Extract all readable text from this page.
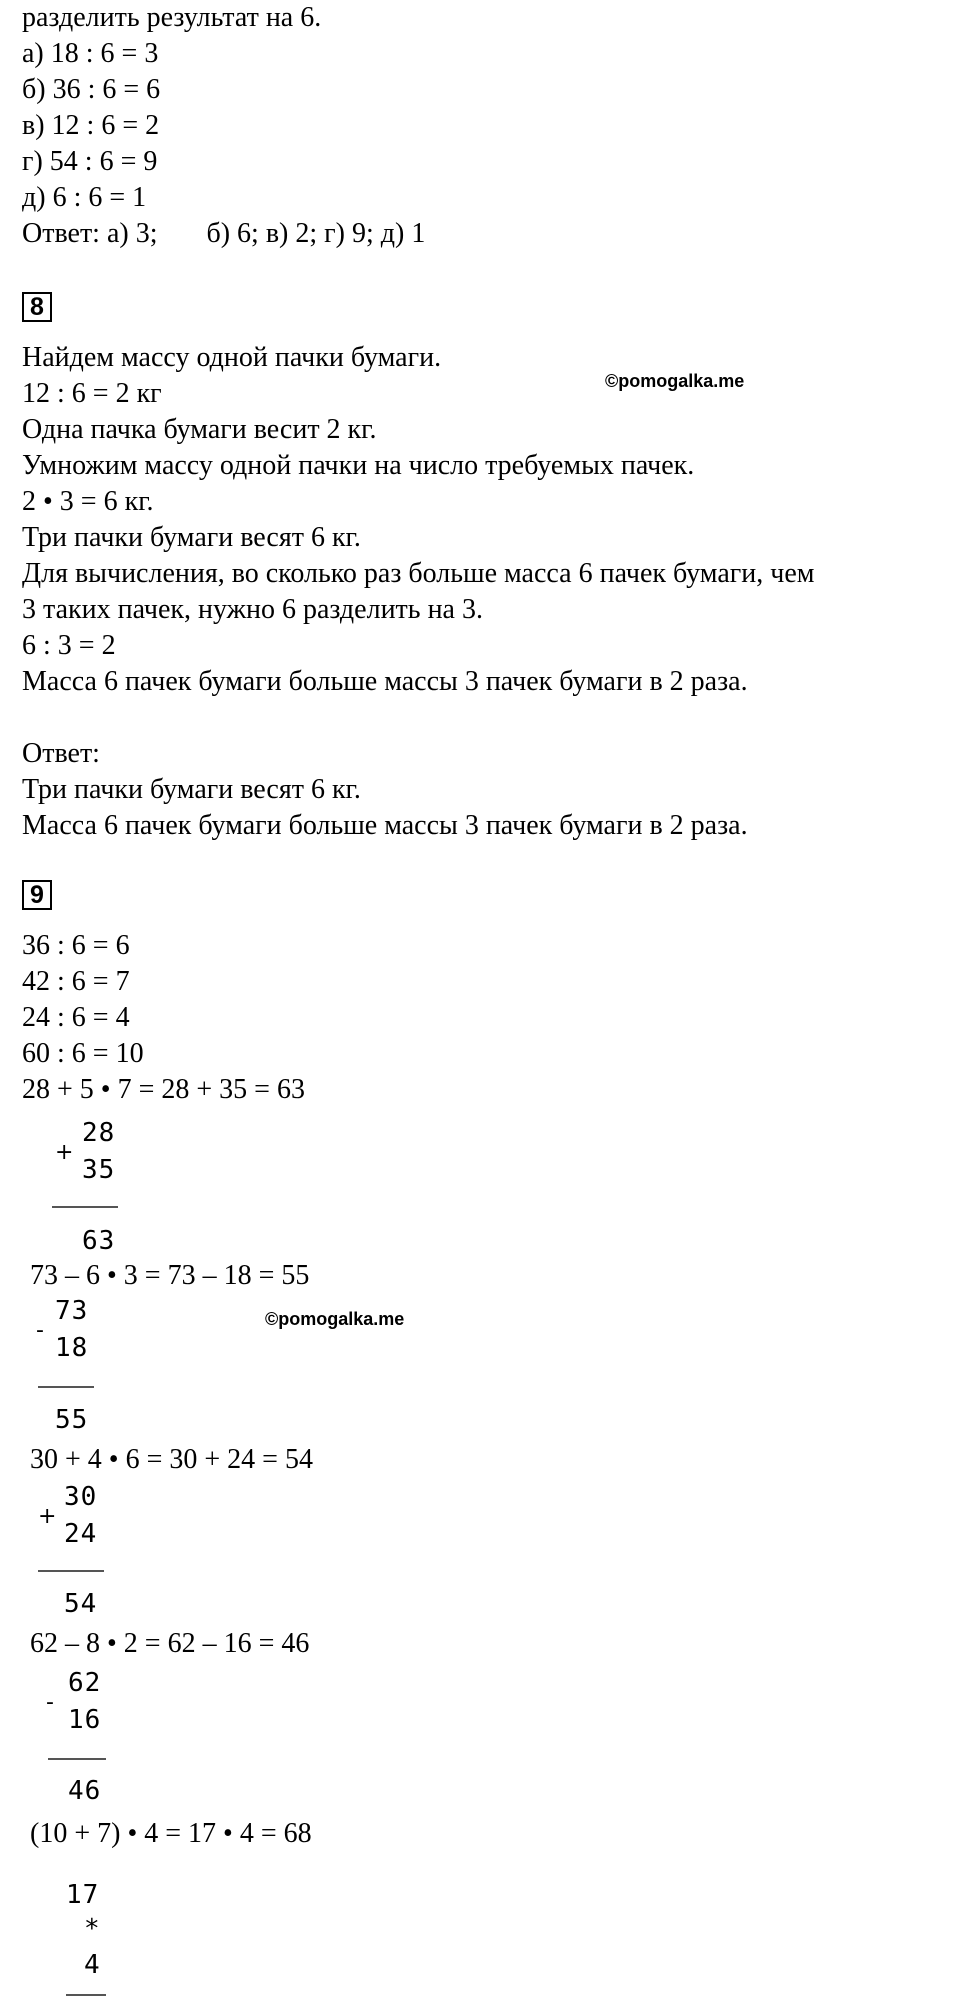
разделить результат на 6.
а) 18 : 6 = 3
б) 36 : 6 = 6
в) 12 : 6 = 2
г) 54 : 6 = 9
д) 6 : 6 = 1
Ответ: а) 3;       б) 6; в) 2; г) 9; д) 1
8
Найдем массу одной пачки бумаги.
12 : 6 = 2 кг	©pomogalka.me
Одна пачка бумаги весит 2 кг.
Умножим массу одной пачки на число требуемых пачек.
2 • 3 = 6 кг.
Три пачки бумаги весят 6 кг.
Для вычисления, во сколько раз больше масса 6 пачек бумаги, чем
3 таких пачек, нужно 6 разделить на 3.
6 : 3 = 2
Масса 6 пачек бумаги больше массы 3 пачек бумаги в 2 раза.
Ответ:
Три пачки бумаги весят 6 кг.
Масса 6 пачек бумаги больше массы 3 пачек бумаги в 2 раза.
9
36 : 6 = 6
42 : 6 = 7
24 : 6 = 4
60 : 6 = 10
28 + 5 • 7 = 28 + 35 = 63
+
28
35
63
73 – 6 • 3 = 73 – 18 = 55
©pomogalka.me
-
73
18
55
30 + 4 • 6 = 30 + 24 = 54
+
30
24
54
62 – 8 • 2 = 62 – 16 = 46
-
62
16
46
(10 + 7) • 4 = 17 • 4 = 68
17
*
4
